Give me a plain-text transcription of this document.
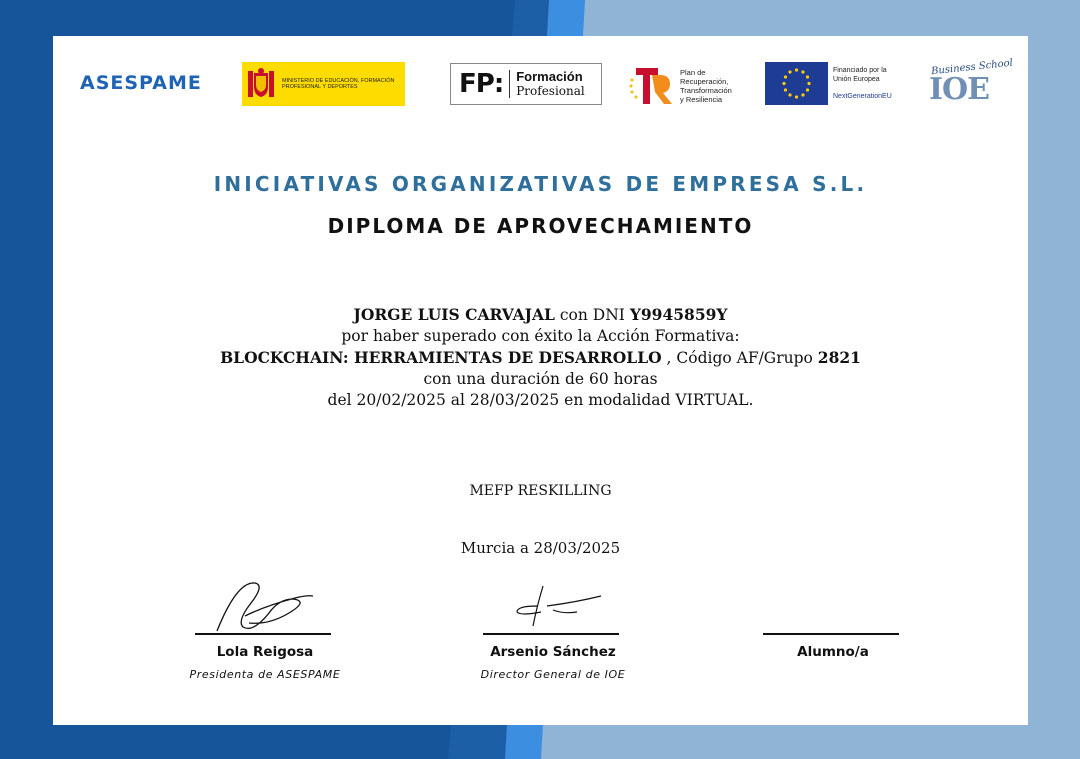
ASESPAME	MINISTERIO DE EDUCACIÓN, FORMACIÓN PROFESIONAL Y DEPORTES	FP: Formación
Profesional
Plan de
Recuperación,
Transformación
y Resiliencia
Financiado por la
Unión Europea
NextGenerationEU
Business School
IOE
INICIATIVAS ORGANIZATIVAS DE EMPRESA S.L.
DIPLOMA DE APROVECHAMIENTO
JORGE LUIS CARVAJAL con DNI Y9945859Y
por haber superado con éxito la Acción Formativa:
BLOCKCHAIN: HERRAMIENTAS DE DESARROLLO , Código AF/Grupo 2821
con una duración de 60 horas
del 20/02/2025 al 28/03/2025 en modalidad VIRTUAL.
MEFP RESKILLING
Murcia a 28/03/2025
Lola Reigosa
Presidenta de ASESPAME
Arsenio Sánchez
Director General de IOE
Alumno/a
